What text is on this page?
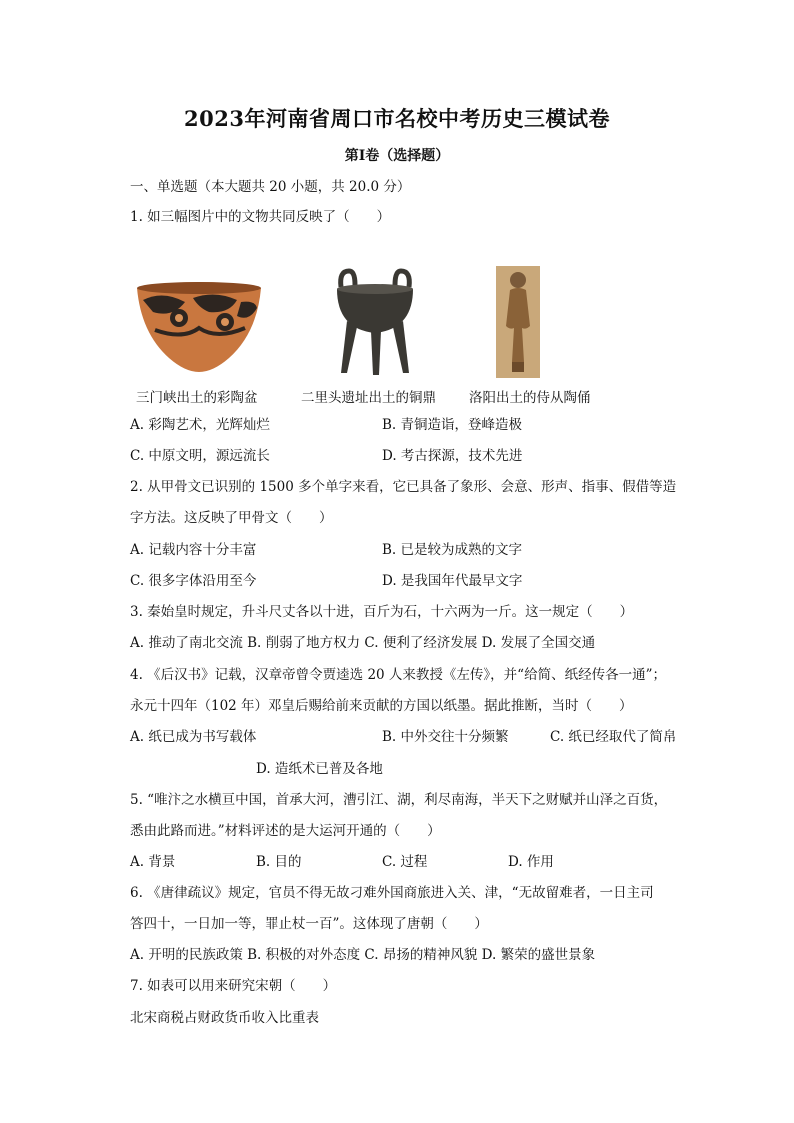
2023年河南省周口市名校中考历史三模试卷
第Ⅰ卷（选择题）
一、单选题（本大题共 20 小题，共 20.0 分）
1. 如三幅图片中的文物共同反映了（　　）
三门峡出土的彩陶盆	二里头遗址出土的铜鼎 洛阳出土的侍从陶俑
A. 彩陶艺术，光辉灿烂	B. 青铜造诣，登峰造极
C. 中原文明，源远流长	D. 考古探源，技术先进
2. 从甲骨文已识别的 1500 多个单字来看，它已具备了象形、会意、形声、指事、假借等造
字方法。这反映了甲骨文（　　）
A. 记载内容十分丰富	B. 已是较为成熟的文字
C. 很多字体沿用至今	D. 是我国年代最早文字
3. 秦始皇时规定，升斗尺丈各以十进，百斤为石，十六两为一斤。这一规定（　　）
A. 推动了南北交流 B. 削弱了地方权力 C. 便利了经济发展 D. 发展了全国交通
4. 《后汉书》记载，汉章帝曾令贾逵选 20 人来教授《左传》，并“给简、纸经传各一通”；
永元十四年（102 年）邓皇后赐给前来贡献的方国以纸墨。据此推断，当时（　　）
A. 纸已成为书写载体	B. 中外交往十分频繁	C. 纸已经取代了简帛
D. 造纸术已普及各地
5. “唯汴之水横亘中国，首承大河，漕引江、湖，利尽南海，半天下之财赋并山泽之百货，
悉由此路而进。”材料评述的是大运河开通的（　　）
A. 背景	B. 目的	C. 过程	D. 作用
6. 《唐律疏议》规定，官员不得无故刁难外国商旅进入关、津，“无故留难者，一日主司
答四十，一日加一等，罪止杖一百”。这体现了唐朝（　　）
A. 开明的民族政策 B. 积极的对外态度 C. 昂扬的精神风貌 D. 繁荣的盛世景象
7. 如表可以用来研究宋朝（　　）
北宋商税占财政货币收入比重表
